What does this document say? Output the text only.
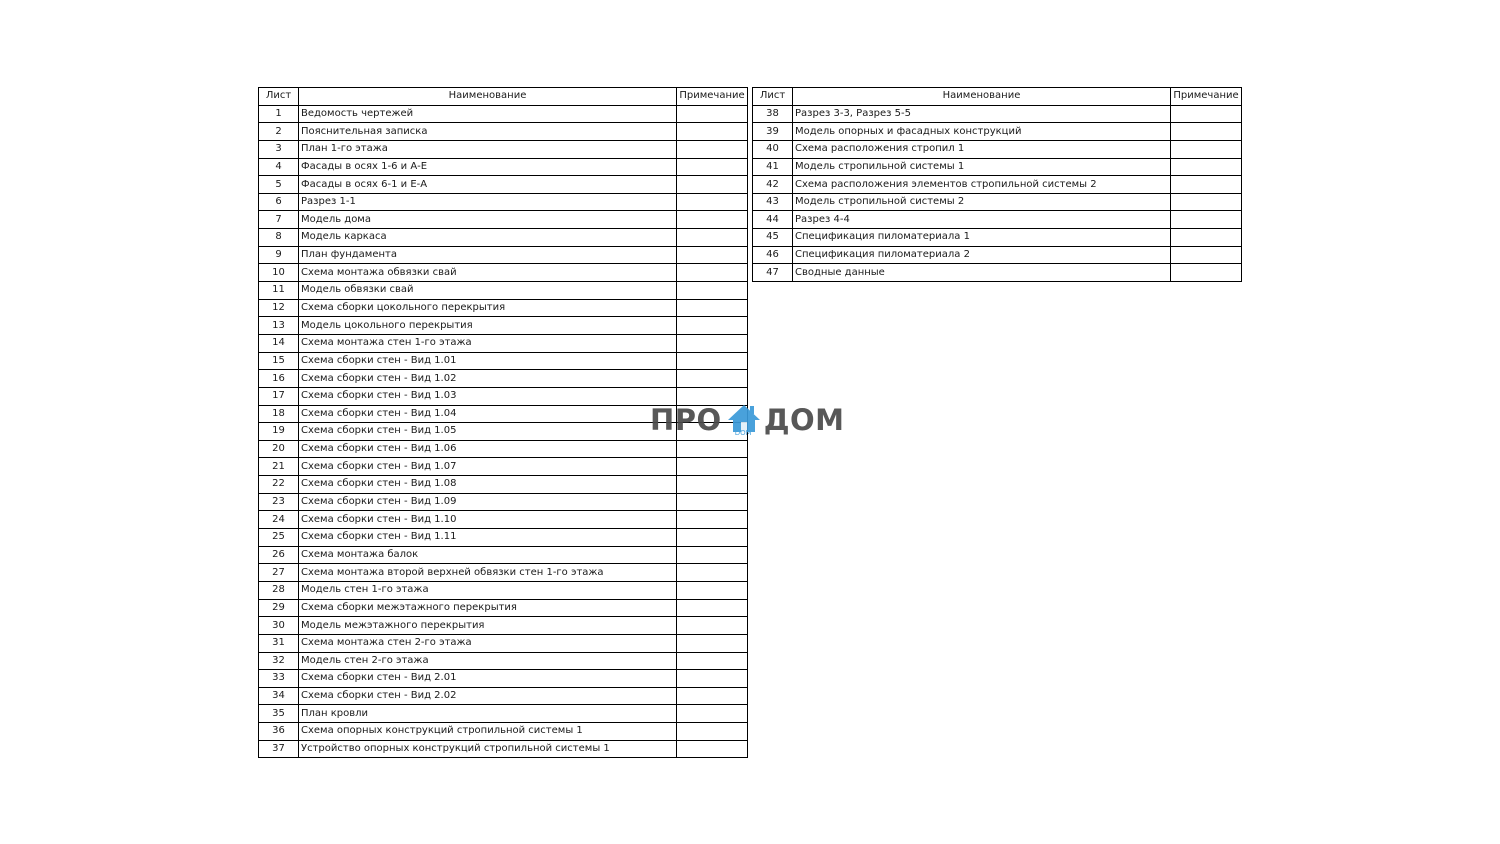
Лист	Наименование	Примечание
1	Ведомость чертежей	
2	Пояснительная записка	
3	План 1-го этажа	
4	Фасады в осях 1-6 и А-Е	
5	Фасады в осях 6-1 и Е-А	
6	Разрез 1-1	
7	Модель дома	
8	Модель каркаса	
9	План фундамента	
10	Схема монтажа обвязки свай	
11	Модель обвязки свай	
12	Схема сборки цокольного перекрытия	
13	Модель цокольного перекрытия	
14	Схема монтажа стен 1-го этажа	
15	Схема сборки стен - Вид 1.01	
16	Схема сборки стен - Вид 1.02	
17	Схема сборки стен - Вид 1.03	
18	Схема сборки стен - Вид 1.04	
19	Схема сборки стен - Вид 1.05	
20	Схема сборки стен - Вид 1.06	
21	Схема сборки стен - Вид 1.07	
22	Схема сборки стен - Вид 1.08	
23	Схема сборки стен - Вид 1.09	
24	Схема сборки стен - Вид 1.10	
25	Схема сборки стен - Вид 1.11	
26	Схема монтажа балок	
27	Схема монтажа второй верхней обвязки стен 1-го этажа	
28	Модель стен 1-го этажа	
29	Схема сборки межэтажного перекрытия	
30	Модель межэтажного перекрытия	
31	Схема монтажа стен 2-го этажа	
32	Модель стен 2-го этажа	
33	Схема сборки стен - Вид 2.01	
34	Схема сборки стен - Вид 2.02	
35	План кровли	
36	Схема опорных конструкций стропильной системы 1	
37	Устройство опорных конструкций стропильной системы 1	
Лист	Наименование	Примечание
38	Разрез 3-3, Разрез 5-5	
39	Модель опорных и фасадных конструкций	
40	Схема расположения стропил 1	
41	Модель стропильной системы 1	
42	Схема расположения элементов стропильной системы 2	
43	Модель стропильной системы 2	
44	Разрез 4-4	
45	Спецификация пиломатериала 1	
46	Спецификация пиломатериала 2	
47	Сводные данные	
ПРО DOM ДОМ
